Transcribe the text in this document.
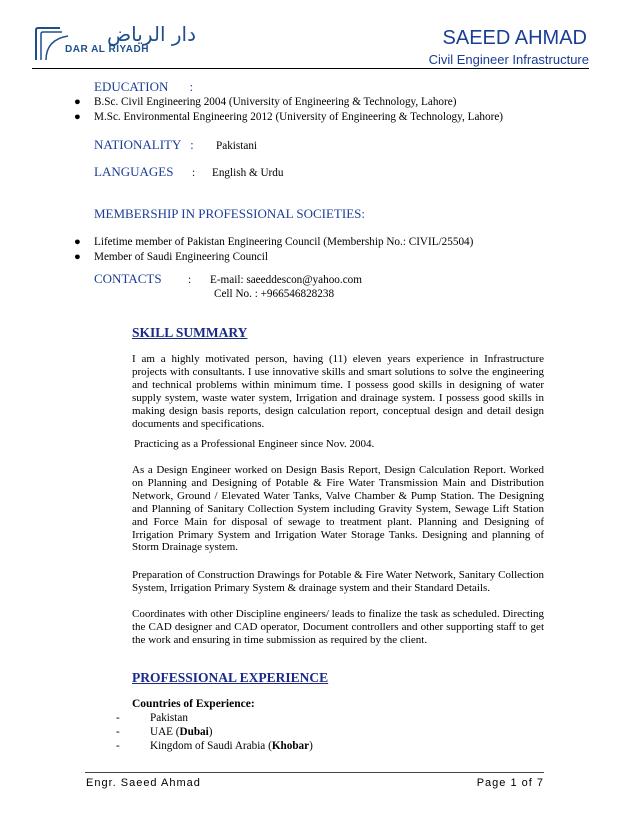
دار الرياض
DAR AL RIYADH
SAEED AHMAD
Civil Engineer Infrastructure
EDUCATION :
● B.Sc. Civil Engineering 2004 (University of Engineering & Technology, Lahore)
● M.Sc. Environmental Engineering 2012 (University of Engineering & Technology, Lahore)
NATIONALITY : Pakistani
LANGUAGES : English & Urdu
MEMBERSHIP IN PROFESSIONAL SOCIETIES:
● Lifetime member of Pakistan Engineering Council (Membership No.: CIVIL/25504)
● Member of Saudi Engineering Council
CONTACTS : E-mail: saeeddescon@yahoo.com
Cell No. : +966546828238
SKILL SUMMARY
I am a highly motivated person, having (11) eleven years experience in Infrastructure projects with consultants. I use innovative skills and smart solutions to solve the engineering and technical problems within minimum time. I possess good skills in designing of water supply system, waste water system, Irrigation and drainage system. I possess good skills in making design basis reports, design calculation report, conceptual design and detail design documents and specifications.
Practicing as a Professional Engineer since Nov. 2004.
As a Design Engineer worked on Design Basis Report, Design Calculation Report. Worked on Planning and Designing of Potable & Fire Water Transmission Main and Distribution Network, Ground / Elevated Water Tanks, Valve Chamber & Pump Station. The Designing and Planning of Sanitary Collection System including Gravity System, Sewage Lift Station and Force Main for disposal of sewage to treatment plant. Planning and Designing of Irrigation Primary System and Irrigation Water Storage Tanks. Designing and planning of Storm Drainage system.
Preparation of Construction Drawings for Potable & Fire Water Network, Sanitary Collection System, Irrigation Primary System & drainage system and their Standard Details.
Coordinates with other Discipline engineers/ leads to finalize the task as scheduled. Directing the CAD designer and CAD operator, Document controllers and other supporting staff to get the work and ensuring in time submission as required by the client.
PROFESSIONAL EXPERIENCE
Countries of Experience:
-	Pakistan
-	UAE (Dubai)
-	Kingdom of Saudi Arabia (Khobar)
Engr. Saeed Ahmad	Page 1 of 7
